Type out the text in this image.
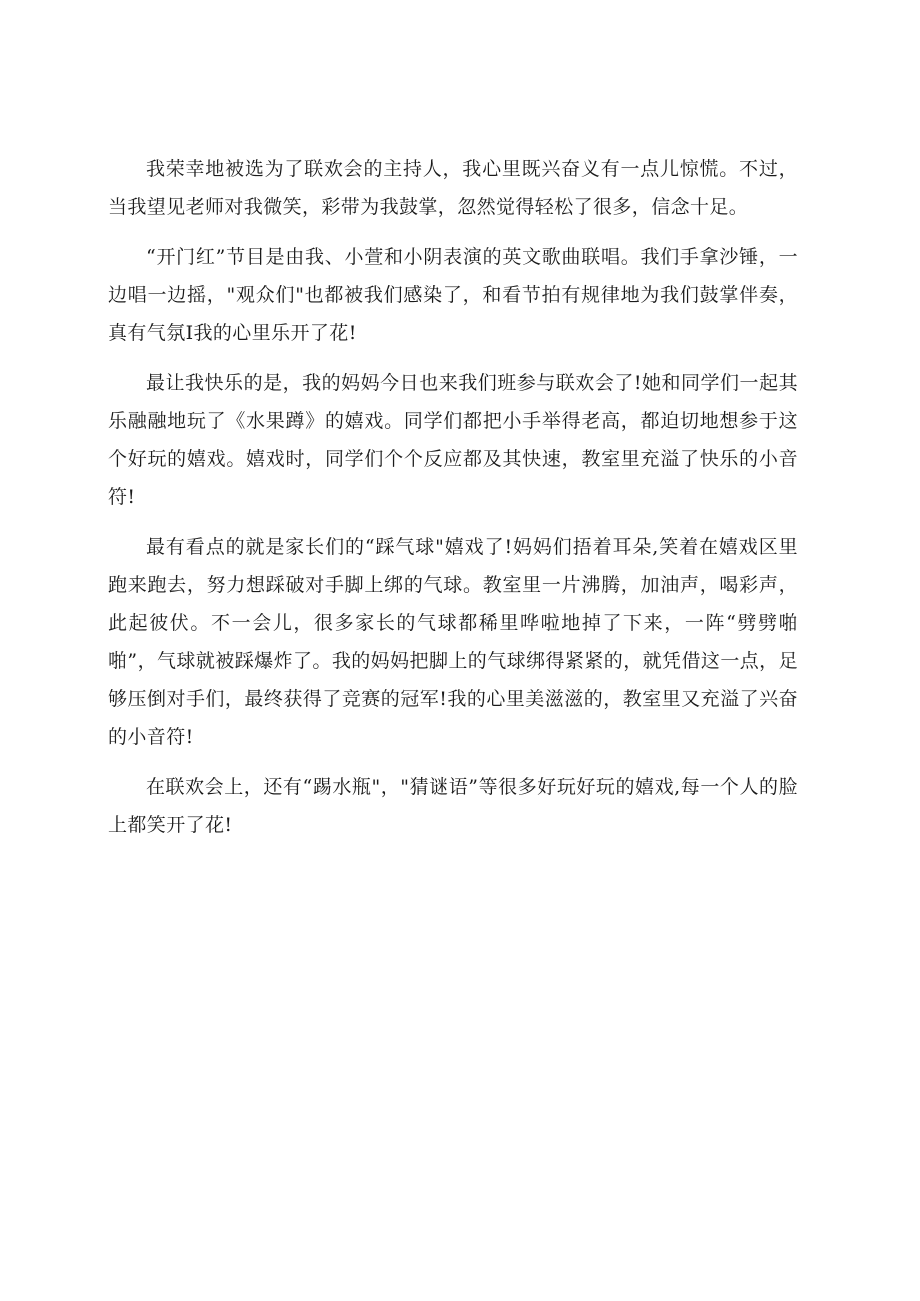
我荣幸地被选为了联欢会的主持人，我心里既兴奋义有一点儿惊慌。不过，当我望见老师对我微笑，彩带为我鼓掌，忽然觉得轻松了很多，信念十足。

“开门红”节目是由我、小萱和小阴表演的英文歌曲联唱。我们手拿沙锤，一边唱一边摇，"观众们"也都被我们感染了，和看节拍有规律地为我们鼓掌伴奏，真有气氛I我的心里乐开了花!

最让我快乐的是，我的妈妈今日也来我们班参与联欢会了!她和同学们一起其乐融融地玩了《水果蹲》的嬉戏。同学们都把小手举得老高，都迫切地想参于这个好玩的嬉戏。嬉戏时，同学们个个反应都及其快速，教室里充溢了快乐的小音符!

最有看点的就是家长们的“踩气球"嬉戏了!妈妈们捂着耳朵,笑着在嬉戏区里跑来跑去，努力想踩破对手脚上绑的气球。教室里一片沸腾，加油声，喝彩声，此起彼伏。不一会儿，很多家长的气球都稀里哗啦地掉了下来，一阵“劈劈啪啪”，气球就被踩爆炸了。我的妈妈把脚上的气球绑得紧紧的，就凭借这一点，足够压倒对手们，最终获得了竞赛的冠军!我的心里美滋滋的，教室里又充溢了兴奋的小音符!

在联欢会上，还有“踢水瓶"，"猜谜语”等很多好玩好玩的嬉戏,每一个人的脸上都笑开了花!
